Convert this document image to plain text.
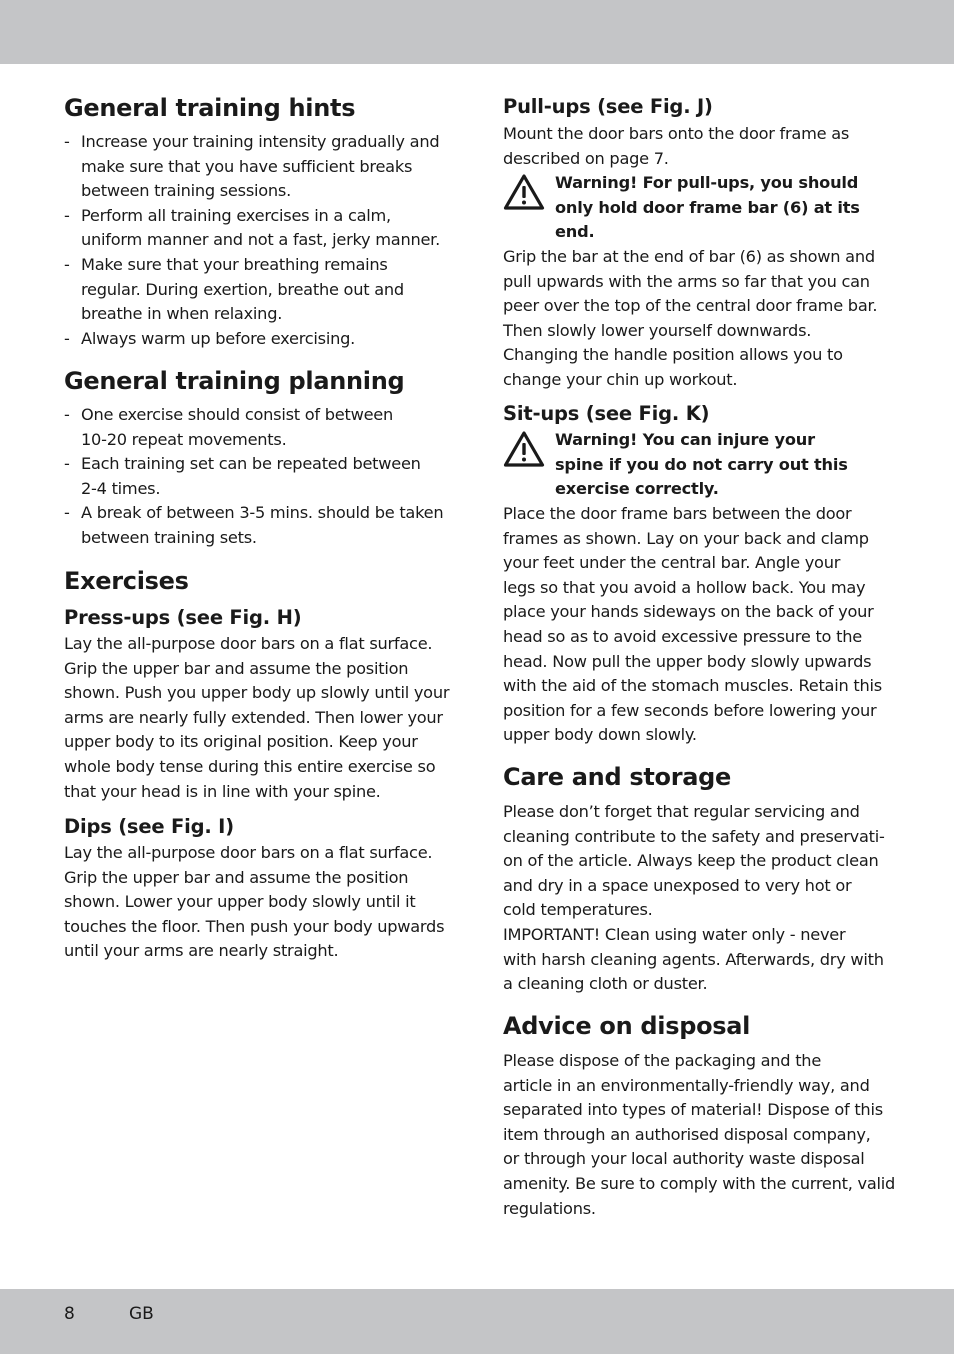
General training hints
- Increase your training intensity gradually and
make sure that you have sufficient breaks
between training sessions.
- Perform all training exercises in a calm,
uniform manner and not a fast, jerky manner.
- Make sure that your breathing remains
regular. During exertion, breathe out and
breathe in when relaxing.
- Always warm up before exercising.
General training planning
- One exercise should consist of between
10-20 repeat movements.
- Each training set can be repeated between
2-4 times.
- A break of between 3-5 mins. should be taken
between training sets.
Exercises
Press-ups (see Fig. H)
Lay the all-purpose door bars on a flat surface.
Grip the upper bar and assume the position
shown. Push you upper body up slowly until your
arms are nearly fully extended. Then lower your
upper body to its original position. Keep your
whole body tense during this entire exercise so
that your head is in line with your spine.
Dips (see Fig. I)
Lay the all-purpose door bars on a flat surface.
Grip the upper bar and assume the position
shown. Lower your upper body slowly until it
touches the floor. Then push your body upwards
until your arms are nearly straight.
Pull-ups (see Fig. J)
Mount the door bars onto the door frame as
described on page 7.
Warning! For pull-ups, you should
only hold door frame bar (6) at its
end.
Grip the bar at the end of bar (6) as shown and
pull upwards with the arms so far that you can
peer over the top of the central door frame bar.
Then slowly lower yourself downwards.
Changing the handle position allows you to
change your chin up workout.
Sit-ups (see Fig. K)
Warning! You can injure your
spine if you do not carry out this
exercise correctly.
Place the door frame bars between the door
frames as shown. Lay on your back and clamp
your feet under the central bar. Angle your
legs so that you avoid a hollow back. You may
place your hands sideways on the back of your
head so as to avoid excessive pressure to the
head. Now pull the upper body slowly upwards
with the aid of the stomach muscles. Retain this
position for a few seconds before lowering your
upper body down slowly.
Care and storage
Please don’t forget that regular servicing and
cleaning contribute to the safety and preservati-
on of the article. Always keep the product clean
and dry in a space unexposed to very hot or
cold temperatures.
IMPORTANT! Clean using water only - never
with harsh cleaning agents. Afterwards, dry with
a cleaning cloth or duster.
Advice on disposal
Please dispose of the packaging and the
article in an environmentally-friendly way, and
separated into types of material! Dispose of this
item through an authorised disposal company,
or through your local authority waste disposal
amenity. Be sure to comply with the current, valid
regulations.
8	GB
